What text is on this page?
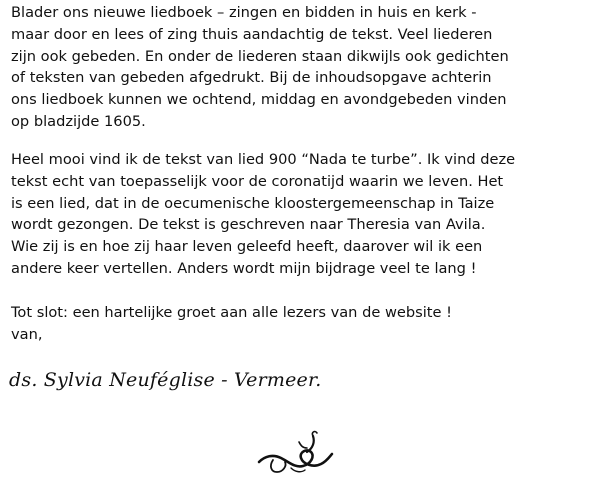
Blader ons nieuwe liedboek – zingen en bidden in huis en kerk -
maar door en lees of zing thuis aandachtig de tekst. Veel liederen
zijn ook gebeden. En onder de liederen staan dikwijls ook gedichten
of teksten van gebeden afgedrukt. Bij de inhoudsopgave achterin
ons liedboek kunnen we ochtend, middag en avondgebeden vinden
op bladzijde 1605.
Heel mooi vind ik de tekst van lied 900 “Nada te turbe”. Ik vind deze
tekst echt van toepasselijk voor de coronatijd waarin we leven. Het
is een lied, dat in de oecumenische kloostergemeenschap in Taize
wordt gezongen. De tekst is geschreven naar Theresia van Avila.
Wie zij is en hoe zij haar leven geleefd heeft, daarover wil ik een
andere keer vertellen. Anders wordt mijn bijdrage veel te lang !
Tot slot: een hartelijke groet aan alle lezers van de website !
van,
ds. Sylvia Neuféglise - Vermeer.
